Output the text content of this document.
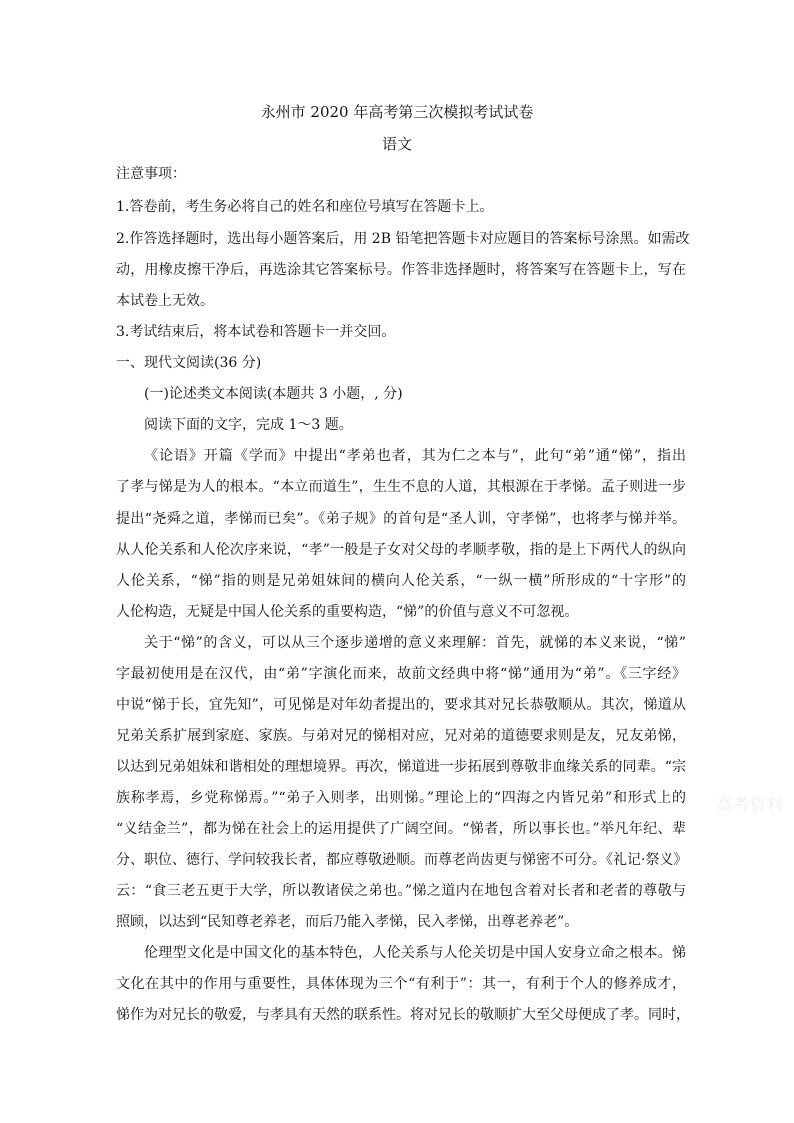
永州市 2020 年高考第三次模拟考试试卷
语文
注意事项：
1.答卷前，考生务必将自己的姓名和座位号填写在答题卡上。
2.作答选择题时，选出每小题答案后，用 2B 铅笔把答题卡对应题目的答案标号涂黑。如需改
动，用橡皮擦干净后，再选涂其它答案标号。作答非选择题时，将答案写在答题卡上，写在
本试卷上无效。
3.考试结束后，将本试卷和答题卡一并交回。
一、现代文阅读(36 分)
(一)论述类文本阅读(本题共 3 小题，, 分)
阅读下面的文字，完成 1～3 题。
《论语》开篇《学而》中提出“孝弟也者，其为仁之本与”，此句“弟”通“悌”，指出
了孝与悌是为人的根本。“本立而道生”，生生不息的人道，其根源在于孝悌。孟子则进一步
提出“尧舜之道，孝悌而已矣”。《弟子规》的首句是“圣人训，守孝悌”，也将孝与悌并举。
从人伦关系和人伦次序来说，“孝”一般是子女对父母的孝顺孝敬，指的是上下两代人的纵向
人伦关系，“悌”指的则是兄弟姐妹间的横向人伦关系，“一纵一横”所形成的“十字形”的
人伦构造，无疑是中国人伦关系的重要构造，“悌”的价值与意义不可忽视。
关于“悌”的含义，可以从三个逐步递增的意义来理解：首先，就悌的本义来说，“悌”
字最初使用是在汉代，由“弟”字演化而来，故前文经典中将“悌”通用为“弟”。《三字经》
中说“悌于长，宜先知”，可见悌是对年幼者提出的，要求其对兄长恭敬顺从。其次，悌道从
兄弟关系扩展到家庭、家族。与弟对兄的悌相对应，兄对弟的道德要求则是友，兄友弟悌，
以达到兄弟姐妹和谐相处的理想境界。再次，悌道进一步拓展到尊敬非血缘关系的同辈。“宗
族称孝焉，乡党称悌焉。”“弟子入则孝，出则悌。”理论上的“四海之内皆兄弟”和形式上的
“义结金兰”，都为悌在社会上的运用提供了广阔空间。“悌者，所以事长也。”举凡年纪、辈
分、职位、德行、学问较我长者，都应尊敬逊顺。而尊老尚齿更与悌密不可分。《礼记·祭义》
云：“食三老五更于大学，所以教诸侯之弟也。”悌之道内在地包含着对长者和老者的尊敬与
照顾，以达到“民知尊老养老，而后乃能入孝悌，民入孝悌，出尊老养老”。
伦理型文化是中国文化的基本特色，人伦关系与人伦关切是中国人安身立命之根本。悌
文化在其中的作用与重要性，具体体现为三个“有利于”：其一，有利于个人的修养成才，
悌作为对兄长的敬爱，与孝具有天然的联系性。将对兄长的敬顺扩大至父母便成了孝。同时，
高考资料
